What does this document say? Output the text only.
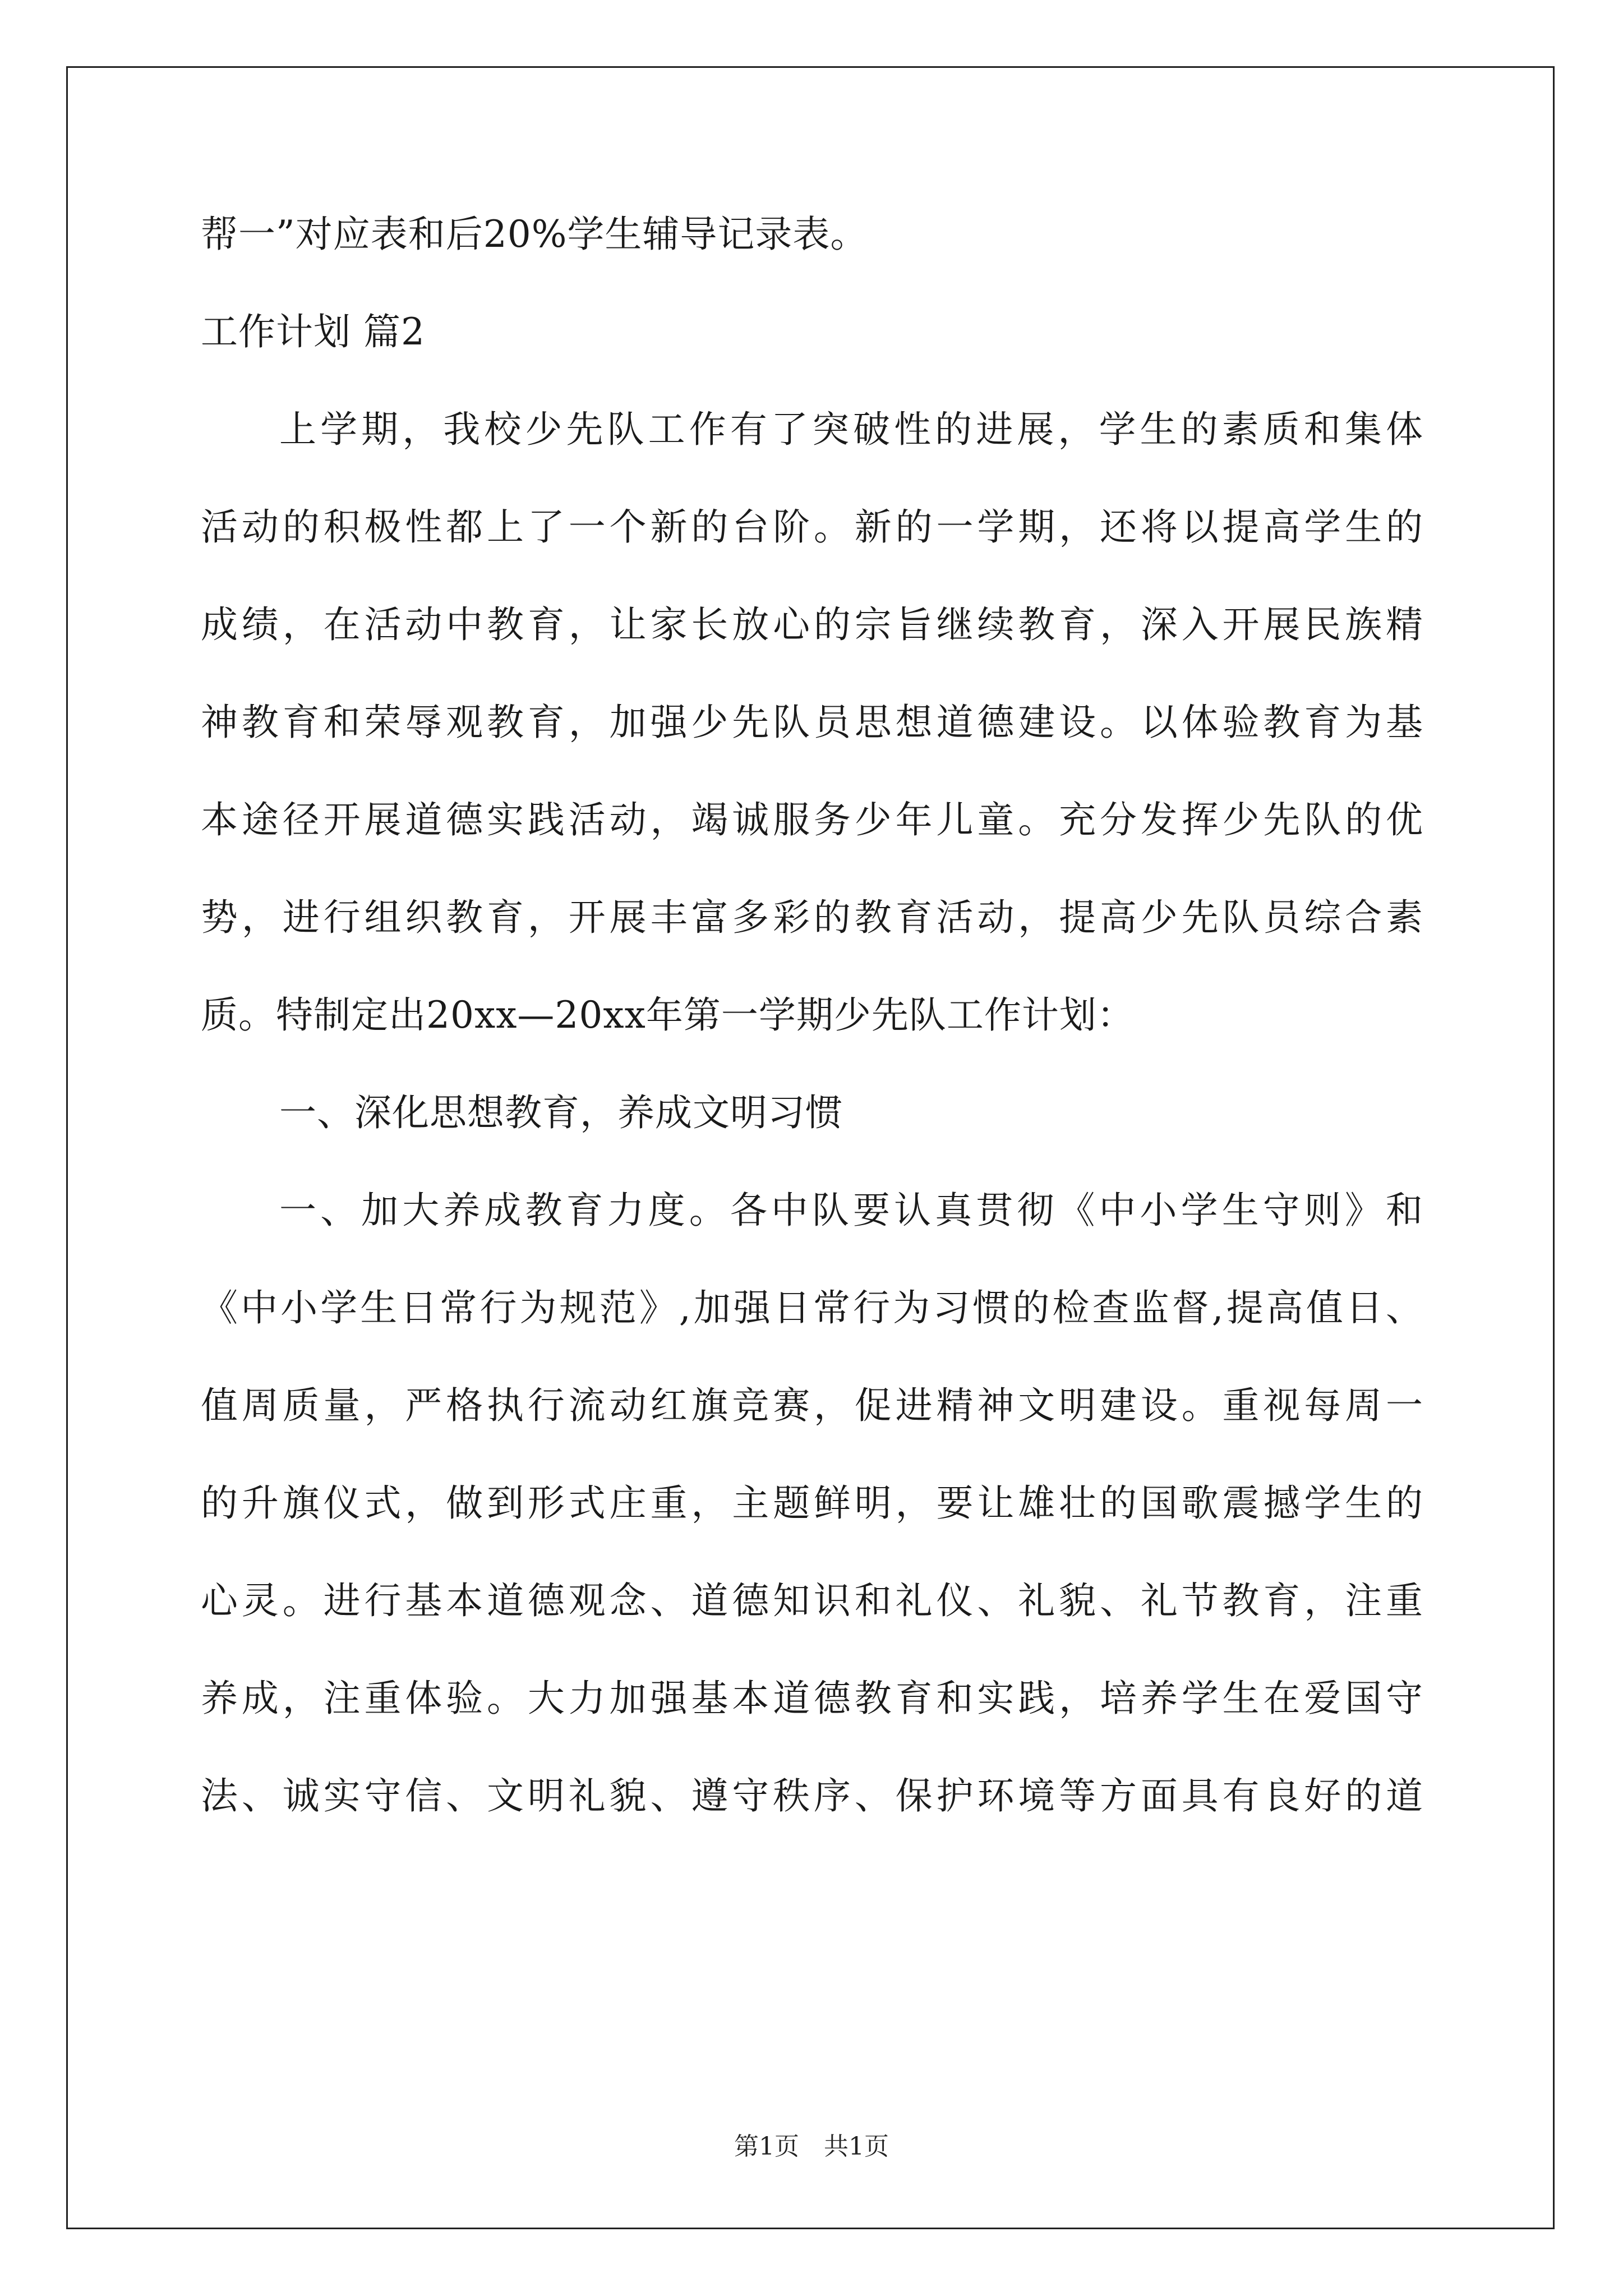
帮一”对应表和后20%学生辅导记录表。
工作计划 篇2
上学期，我校少先队工作有了突破性的进展，学生的素质和集体
活动的积极性都上了一个新的台阶。新的一学期，还将以提高学生的
成绩，在活动中教育，让家长放心的宗旨继续教育，深入开展民族精
神教育和荣辱观教育，加强少先队员思想道德建设。以体验教育为基
本途径开展道德实践活动，竭诚服务少年儿童。充分发挥少先队的优
势，进行组织教育，开展丰富多彩的教育活动，提高少先队员综合素
质。特制定出20xx—20xx年第一学期少先队工作计划：
一、深化思想教育，养成文明习惯
一、加大养成教育力度。各中队要认真贯彻《中小学生守则》和
《中小学生日常行为规范》,加强日常行为习惯的检查监督,提高值日、
值周质量，严格执行流动红旗竞赛，促进精神文明建设。重视每周一
的升旗仪式，做到形式庄重，主题鲜明，要让雄壮的国歌震撼学生的
心灵。进行基本道德观念、道德知识和礼仪、礼貌、礼节教育，注重
养成，注重体验。大力加强基本道德教育和实践，培养学生在爱国守
法、诚实守信、文明礼貌、遵守秩序、保护环境等方面具有良好的道
第1页　共1页
